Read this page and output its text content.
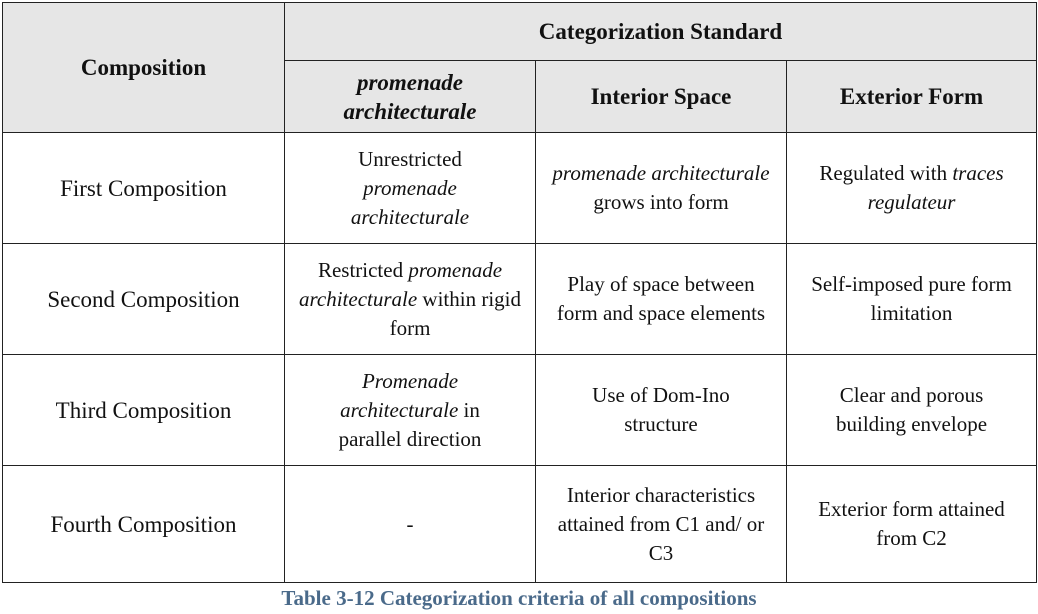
Composition	Categorization Standard		
	promenade architecturale	Interior Space	Exterior Form
First Composition	Unrestricted promenade architecturale	promenade architecturale grows into form	Regulated with traces regulateur
Second Composition	Restricted promenade architecturale within rigid form	Play of space between form and space elements	Self-imposed pure form limitation
Third Composition	Promenade architecturale in parallel direction	Use of Dom-Ino structure	Clear and porous building envelope
Fourth Composition	-	Interior characteristics attained from C1 and/ or C3	Exterior form attained from C2
Table 3-12 Categorization criteria of all compositions
